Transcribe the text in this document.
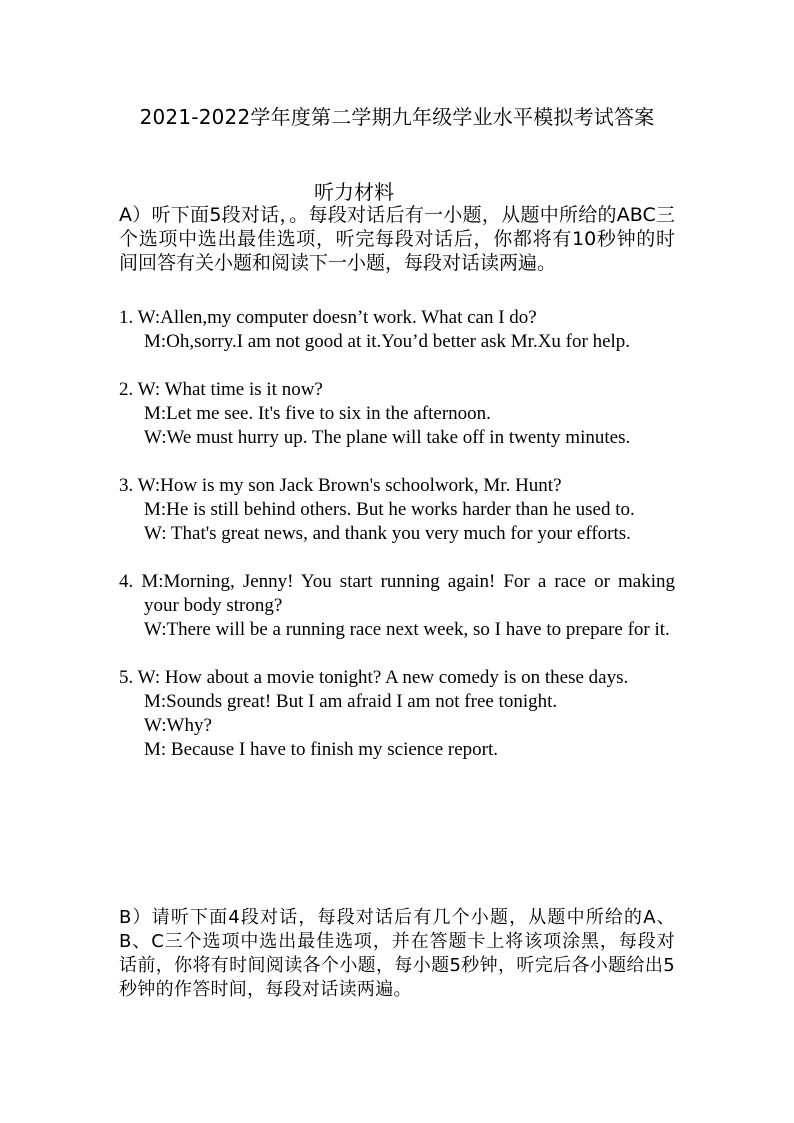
2021-2022学年度第二学期九年级学业水平模拟考试答案
听力材料
A）听下面5段对话，。每段对话后有一小题，从题中所给的ABC三个选项中选出最佳选项，听完每段对话后，你都将有10秒钟的时间回答有关小题和阅读下一小题，每段对话读两遍。
1. W:Allen,my computer doesn’t work. What can I do?
M:Oh,sorry.I am not good at it.You’d better ask Mr.Xu for help.
2. W: What time is it now?
M:Let me see. It's five to six in the afternoon.
W:We must hurry up. The plane will take off in twenty minutes.
3. W:How is my son Jack Brown's schoolwork, Mr. Hunt?
M:He is still behind others. But he works harder than he used to.
W: That's great news, and thank you very much for your efforts.
4. M:Morning, Jenny! You start running again! For a race or making your body strong?
W:There will be a running race next week, so I have to prepare for it.
5. W: How about a movie tonight? A new comedy is on these days.
M:Sounds great! But I am afraid I am not free tonight.
W:Why?
M: Because I have to finish my science report.
B）请听下面4段对话，每段对话后有几个小题，从题中所给的A、B、C三个选项中选出最佳选项，并在答题卡上将该项涂黑，每段对话前，你将有时间阅读各个小题，每小题5秒钟，听完后各小题给出5秒钟的作答时间，每段对话读两遍。
